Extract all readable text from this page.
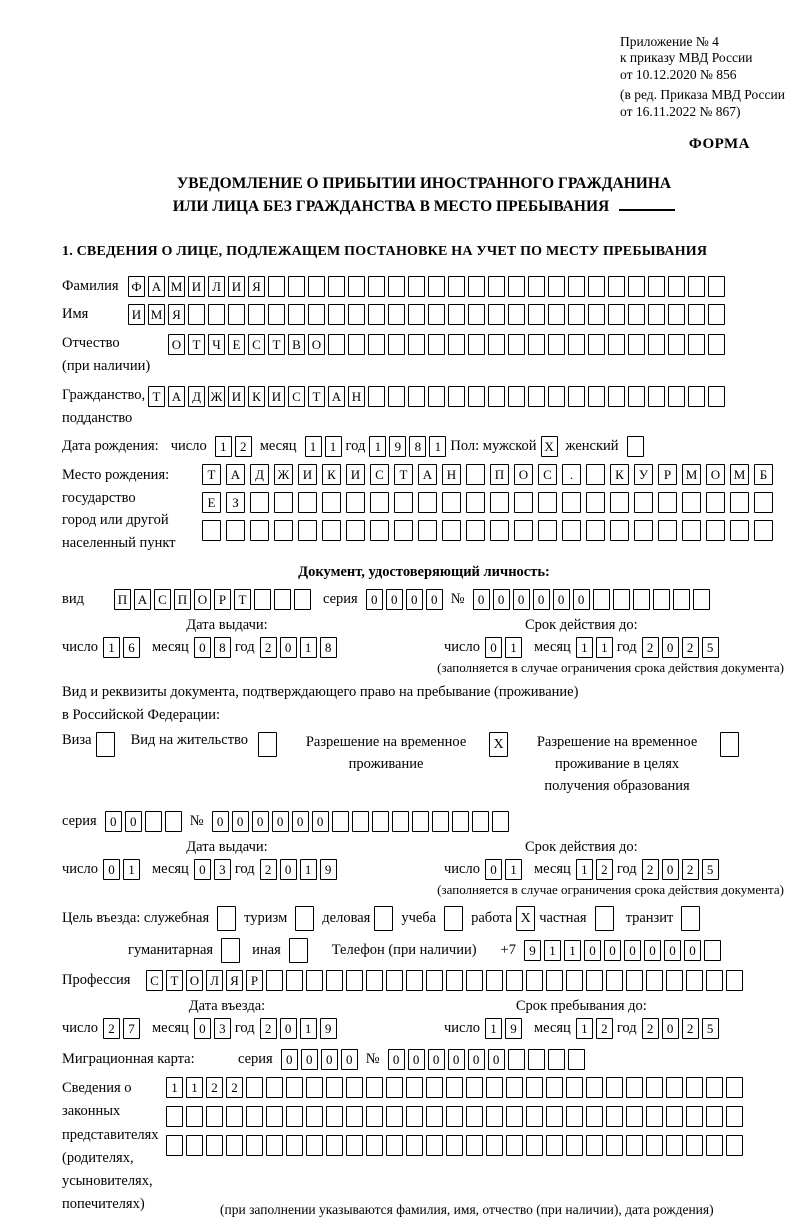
Приложение № 4
к приказу МВД России
от 10.12.2020 № 856
(в ред. Приказа МВД России
от 16.11.2022 № 867)
ФОРМА
УВЕДОМЛЕНИЕ О ПРИБЫТИИ ИНОСТРАННОГО ГРАЖДАНИНА
ИЛИ ЛИЦА БЕЗ ГРАЖДАНСТВА В МЕСТО ПРЕБЫВАНИЯ
1. СВЕДЕНИЯ О ЛИЦЕ, ПОДЛЕЖАЩЕМ ПОСТАНОВКЕ НА УЧЕТ ПО МЕСТУ ПРЕБЫВАНИЯ
Фамилия Ф А М И Л И Я
Имя	И М Я
Отчество
(при наличии)
О Т Ч Е С Т В О
Гражданство,
подданство
Т А Д Ж И К И С Т А Н
Дата рождения: число	1	2 месяц	1	1 год 1	9	8	1 Пол: мужской X женский
Место рождения:
государство
город или другой
населенный пункт
Т	А	Д	Ж	И	К	И	С	Т	А	Н	П	О	С	.	К	У	Р	М	О	М	Б
Е	З
Документ, удостоверяющий личность:
вид	П А С П О Р Т	серия	0	0	0	0 №	0	0	0	0	0	0
Дата выдачи:
число 1	6	месяц 0	8 год 2	0	1	8
Срок действия до:
число 0	1	месяц 1	1 год 2	0	2	5
(заполняется в случае ограничения срока действия документа)
Вид и реквизиты документа, подтверждающего право на пребывание (проживание)
в Российской Федерации:
Виза	Вид на жительство	Разрешение на временное
проживание
X	Разрешение на временное
проживание в целях
получения образования
серия	0	0	№	0	0	0	0	0	0
Дата выдачи:
число 0	1	месяц 0	3 год 2	0	1	9
Срок действия до:
число 0	1	месяц 1	2 год 2	0	2	5
(заполняется в случае ограничения срока действия документа)
Цель въезда: служебная туризм деловая учеба работа X частная	транзит
гуманитарная	иная	Телефон (при наличии) +7	9	1	1	0	0	0	0	0	0
Профессия	С Т О Л Я Р
Дата въезда:
число 2	7	месяц 0	3 год 2	0	1	9
Срок пребывания до:
число 1	9	месяц 1	2 год 2	0	2	5
Миграционная карта:	серия	0	0	0	0 №	0	0	0	0	0	0
Сведения о
законных
представителях
(родителях,
усыновителях,
попечителях)
1	1	2	2
(при заполнении указываются фамилия, имя, отчество (при наличии), дата рождения)
